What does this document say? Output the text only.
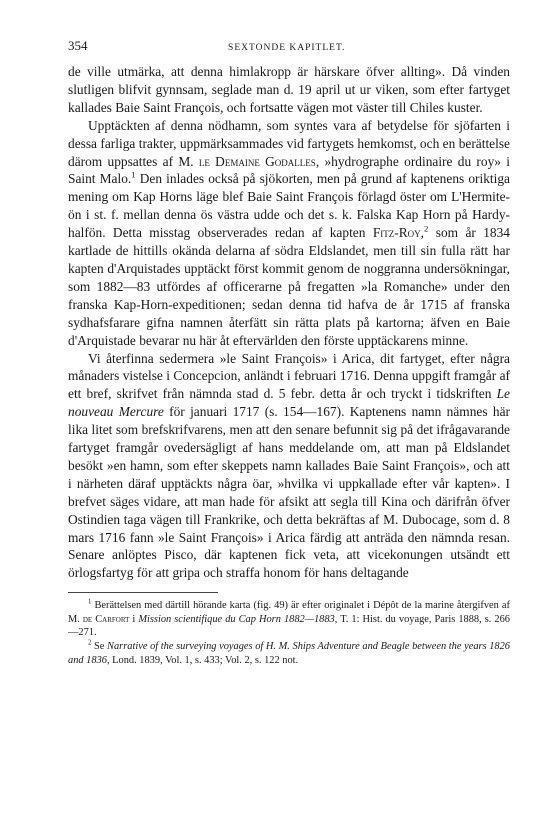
354	SEXTONDE KAPITLET.

de ville utmärka, att denna himlakropp är härskare öfver allting». Då vinden slutligen blifvit gynnsam, seglade man d. 19 april ut ur viken, som efter fartyget kallades Baie Saint François, och fortsatte vägen mot väster till Chiles kuster.

Upptäckten af denna nödhamn, som syntes vara af betydelse för sjöfarten i dessa farliga trakter, uppmärksammades vid fartygets hemkomst, och en berättelse därom uppsattes af M. le Demaine Godalles, »hydrographe ordinaire du roy» i Saint Malo.$^1$ Den inlades också på sjökorten, men på grund af kaptenens oriktiga mening om Kap Horns läge blef Baie Saint François förlagd öster om L'Hermite-ön i st. f. mellan denna ös västra udde och det s. k. Falska Kap Horn på Hardy-halfön. Detta misstag observerades redan af kapten Fitz-Roy,$^2$ som år 1834 kartlade de hittills okända delarna af södra Eldslandet, men till sin fulla rätt har kapten d'Arquistades upptäckt först kommit genom de noggranna undersökningar, som 1882—83 utfördes af officerarne på fregatten »la Romanche» under den franska Kap-Horn-expeditionen; sedan denna tid hafva de år 1715 af franska sydhafsfarare gifna namnen återfätt sin rätta plats på kartorna; äfven en Baie d'Arquistade bevarar nu här åt eftervärlden den förste upptäckarens minne.

Vi återfinna sedermera »le Saint François» i Arica, dit fartyget, efter några månaders vistelse i Concepcion, anländt i februari 1716. Denna uppgift framgår af ett bref, skrifvet från nämnda stad d. 5 febr. detta år och tryckt i tidskriften Le nouveau Mercure för januari 1717 (s. 154—167). Kaptenens namn nämnes här lika litet som brefskrifvarens, men att den senare befunnit sig på det ifrågavarande fartyget framgår ovedersägligt af hans meddelande om, att man på Eldslandet besökt »en hamn, som efter skeppets namn kallades Baie Saint François», och att i närheten däraf upptäckts några öar, »hvilka vi uppkallade efter vår kapten». I brefvet säges vidare, att man hade för afsikt att segla till Kina och därifrån öfver Ostindien taga vägen till Frankrike, och detta bekräftas af M. Dubocage, som d. 8 mars 1716 fann »le Saint François» i Arica färdig att anträda den nämnda resan. Senare anlöptes Pisco, där kaptenen fick veta, att vicekonungen utsändt ett örlogsfartyg för att gripa och straffa honom för hans deltagande

$^1$ Berättelsen med därtill hörande karta (fig. 49) är efter originalet i Dépôt de la marine återgifven af M. de Carfort i Mission scientifique du Cap Horn 1882—1883, T. 1: Hist. du voyage, Paris 1888, s. 266—271.

$^2$ Se Narrative of the surveying voyages of H. M. Ships Adventure and Beagle between the years 1826 and 1836, Lond. 1839, Vol. 1, s. 433; Vol. 2, s. 122 not.
